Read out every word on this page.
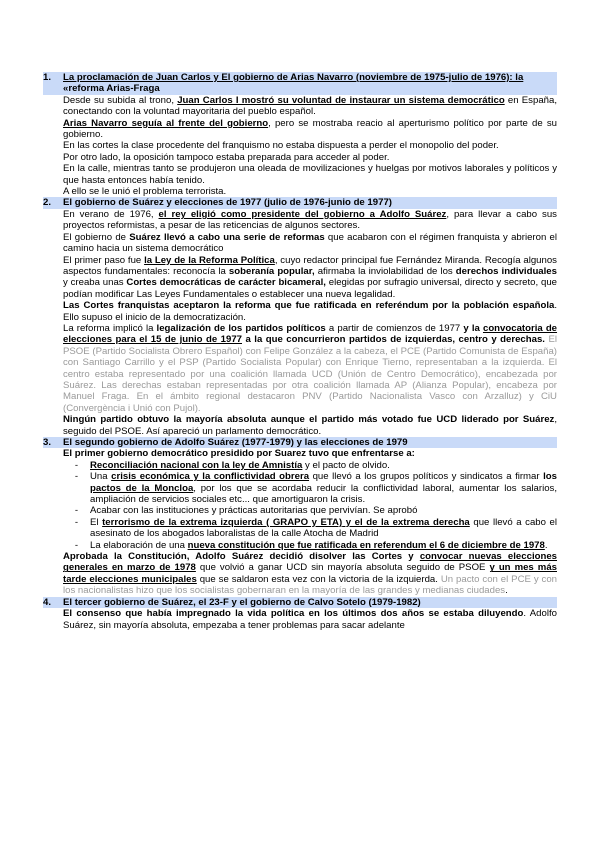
1.	La proclamación de Juan Carlos y El gobierno de Arias Navarro (noviembre de 1975-julio de 1976): la «reforma Arias-Fraga

Desde su subida al trono, Juan Carlos I mostró su voluntad de instaurar un sistema democrático en España, conectando con la voluntad mayoritaria del pueblo español.

Arias Navarro seguía al frente del gobierno, pero se mostraba reacio al aperturismo político por parte de su gobierno.

En las cortes la clase procedente del franquismo no estaba dispuesta a perder el monopolio del poder.

Por otro lado, la oposición tampoco estaba preparada para acceder al poder.

En la calle, mientras tanto se produjeron una oleada de movilizaciones y huelgas por motivos laborales y políticos y que hasta entonces había tenido.

A ello se le unió el problema terrorista.

2.	El gobierno de Suárez y elecciones de 1977 (julio de 1976-junio de 1977)

En verano de 1976, el rey eligió como presidente del gobierno a Adolfo Suárez, para llevar a cabo sus proyectos reformistas, a pesar de las reticencias de algunos sectores.

El gobierno de Suárez llevó a cabo una serie de reformas que acabaron con el régimen franquista y abrieron el camino hacia un sistema democrático

El primer paso fue la Ley de la Reforma Política, cuyo redactor principal fue Fernández Miranda. Recogía algunos aspectos fundamentales: reconocía la soberanía popular, afirmaba la inviolabilidad de los derechos individuales y creaba unas Cortes democráticas de carácter bicameral, elegidas por sufragio universal, directo y secreto, que podían modificar Las Leyes Fundamentales o establecer una nueva legalidad.

Las Cortes franquistas aceptaron la reforma que fue ratificada en referéndum por la población española. Ello supuso el inicio de la democratización.

La reforma implicó la legalización de los partidos políticos a partir de comienzos de 1977 y la convocatoria de elecciones para el 15 de junio de 1977 a la que concurrieron partidos de izquierdas, centro y derechas. El PSOE (Partido Socialista Obrero Español) con Felipe González a la cabeza, el PCE (Partido Comunista de España) con Santiago Carrillo y el PSP (Partido Socialista Popular) con Enrique Tierno, representaban a la izquierda. El centro estaba representado por una coalición llamada UCD (Unión de Centro Democrático), encabezada por Suárez. Las derechas estaban representadas por otra coalición llamada AP (Alianza Popular), encabeza por Manuel Fraga. En el ámbito regional destacaron PNV (Partido Nacionalista Vasco con Arzalluz) y CiU (Convergència i Unió con Pujol).

Ningún partido obtuvo la mayoría absoluta aunque el partido más votado fue UCD liderado por Suárez, seguido del PSOE. Así apareció un parlamento democrático.

3.	El segundo gobierno de Adolfo Suárez (1977-1979) y las elecciones de 1979

El primer gobierno democrático presidido por Suarez tuvo que enfrentarse a:

-	Reconciliación nacional con la ley de Amnistía y el pacto de olvido.
-	Una crisis económica y la conflictividad obrera que llevó a los grupos políticos y sindicatos a firmar los pactos de la Moncloa, por los que se acordaba reducir la conflictividad laboral, aumentar los salarios, ampliación de servicios sociales etc... que amortiguaron la crisis.
-	Acabar con las instituciones y prácticas autoritarias que pervivían. Se aprobó
-	El terrorismo de la extrema izquierda ( GRAPO y ETA) y el de la extrema derecha que llevó a cabo el asesinato de los abogados laboralistas de la calle Atocha de Madrid
-	La elaboración de una nueva constitución que fue ratificada en referendum el 6 de diciembre de 1978.

Aprobada la Constitución, Adolfo Suárez decidió disolver las Cortes y convocar nuevas elecciones generales en marzo de 1978 que volvió a ganar UCD sin mayoría absoluta seguido de PSOE y un mes más tarde elecciones municipales que se saldaron esta vez con la victoria de la izquierda. Un pacto con el PCE y con los nacionalistas hizo que los socialistas gobernaran en la mayoría de las grandes y medianas ciudades.

4.	El tercer gobierno de Suárez, el 23-F y el gobierno de Calvo Sotelo (1979-1982)

El consenso que había impregnado la vida política en los últimos dos años se estaba diluyendo. Adolfo Suárez, sin mayoría absoluta, empezaba a tener problemas para sacar adelante
